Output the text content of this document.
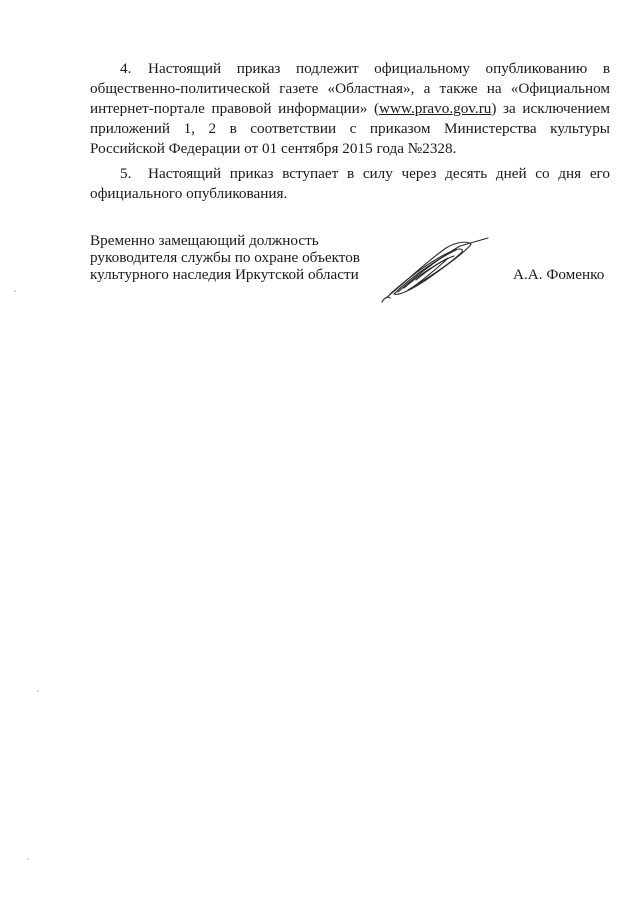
4. Настоящий приказ подлежит официальному опубликованию в общественно-политической газете «Областная», а также на «Официальном интернет-портале правовой информации» (www.pravo.gov.ru) за исключением приложений 1, 2 в соответствии с приказом Министерства культуры Российской Федерации от 01 сентября 2015 года №2328.

5. Настоящий приказ вступает в силу через десять дней со дня его официального опубликования.

Временно замещающий должность
руководителя службы по охране объектов
культурного наследия Иркутской области	А.А. Фоменко
